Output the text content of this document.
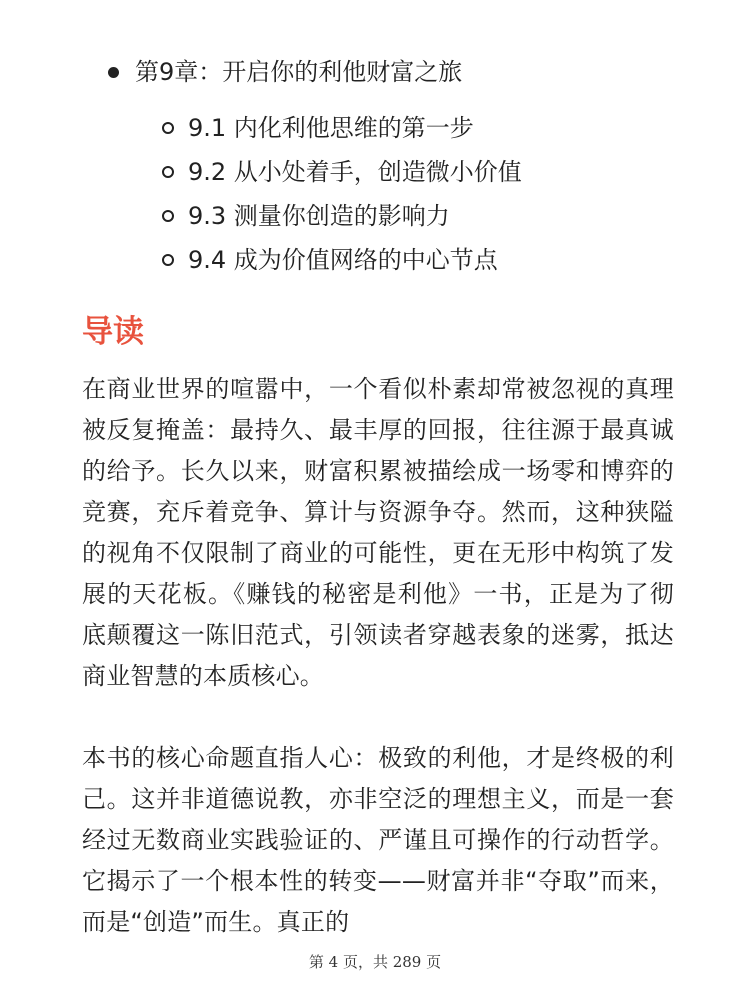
第9章：开启你的利他财富之旅
9.1 内化利他思维的第一步
9.2 从小处着手，创造微小价值
9.3 测量你创造的影响力
9.4 成为价值网络的中心节点
导读

在商业世界的喧嚣中，一个看似朴素却常被忽视的真理被反复掩盖：最持久、最丰厚的回报，往往源于最真诚的给予。长久以来，财富积累被描绘成一场零和博弈的竞赛，充斥着竞争、算计与资源争夺。然而，这种狭隘的视角不仅限制了商业的可能性，更在无形中构筑了发展的天花板。《赚钱的秘密是利他》一书，正是为了彻底颠覆这一陈旧范式，引领读者穿越表象的迷雾，抵达商业智慧的本质核心。

本书的核心命题直指人心：极致的利他，才是终极的利己。这并非道德说教，亦非空泛的理想主义，而是一套经过无数商业实践验证的、严谨且可操作的行动哲学。它揭示了一个根本性的转变——财富并非“夺取”而来，而是“创造”而生。真正的

第 4 页，共 289 页
